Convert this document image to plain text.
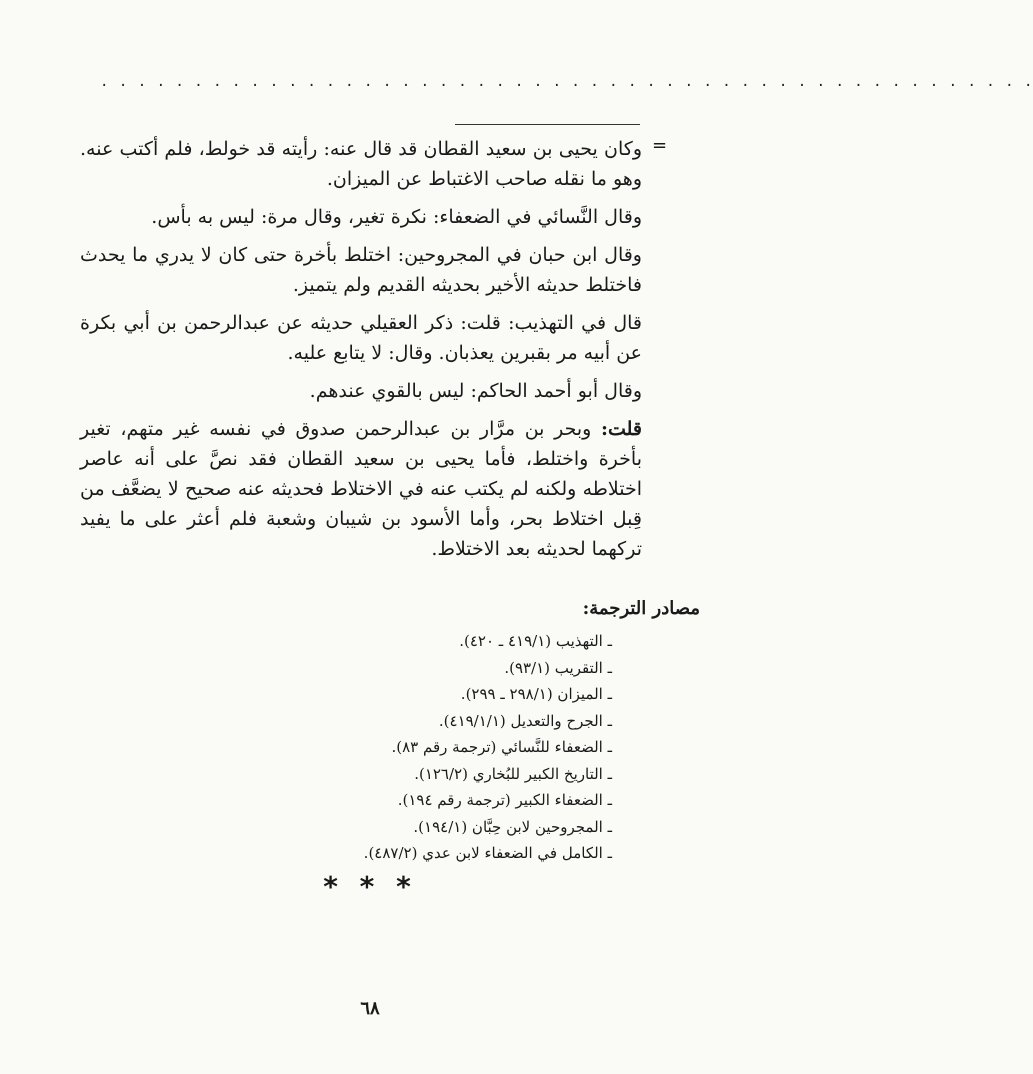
· · · · · · · · · · · · · · · · · · · · · · · · · · · · · · · · · · · · · · · · · · · · · · · · · ·
=

وكان يحيى بن سعيد القطان قد قال عنه: رأيته قد خولط، فلم أكتب عنه. وهو ما نقله صاحب الاغتباط عن الميزان.

وقال النَّسائي في الضعفاء: نكرة تغير، وقال مرة: ليس به بأس.

وقال ابن حبان في المجروحين: اختلط بأخرة حتى كان لا يدري ما يحدث فاختلط حديثه الأخير بحديثه القديم ولم يتميز.

قال في التهذيب: قلت: ذكر العقيلي حديثه عن عبدالرحمن بن أبي بكرة عن أبيه مر بقبرين يعذبان. وقال: لا يتابع عليه.

وقال أبو أحمد الحاكم: ليس بالقوي عندهم.

قلت: وبحر بن مرَّار بن عبدالرحمن صدوق في نفسه غير متهم، تغير بأخرة واختلط، فأما يحيى بن سعيد القطان فقد نصَّ على أنه عاصر اختلاطه ولكنه لم يكتب عنه في الاختلاط فحديثه عنه صحيح لا يضعَّف من قِبل اختلاط بحر، وأما الأسود بن شيبان وشعبة فلم أعثر على ما يفيد تركهما لحديثه بعد الاختلاط.

مصادر الترجمة:
ـ التهذيب (٤١٩/١ ـ ٤٢٠).
ـ التقريب (٩٣/١).
ـ الميزان (٢٩٨/١ ـ ٢٩٩).
ـ الجرح والتعديل (٤١٩/١/١).
ـ الضعفاء للنَّسائي (ترجمة رقم ٨٣).
ـ التاريخ الكبير للبُخاري (١٢٦/٢).
ـ الضعفاء الكبير (ترجمة رقم ١٩٤).
ـ المجروحين لابن حِبَّان (١٩٤/١).
ـ الكامل في الضعفاء لابن عدي (٤٨٧/٢).
* * *
٦٨
